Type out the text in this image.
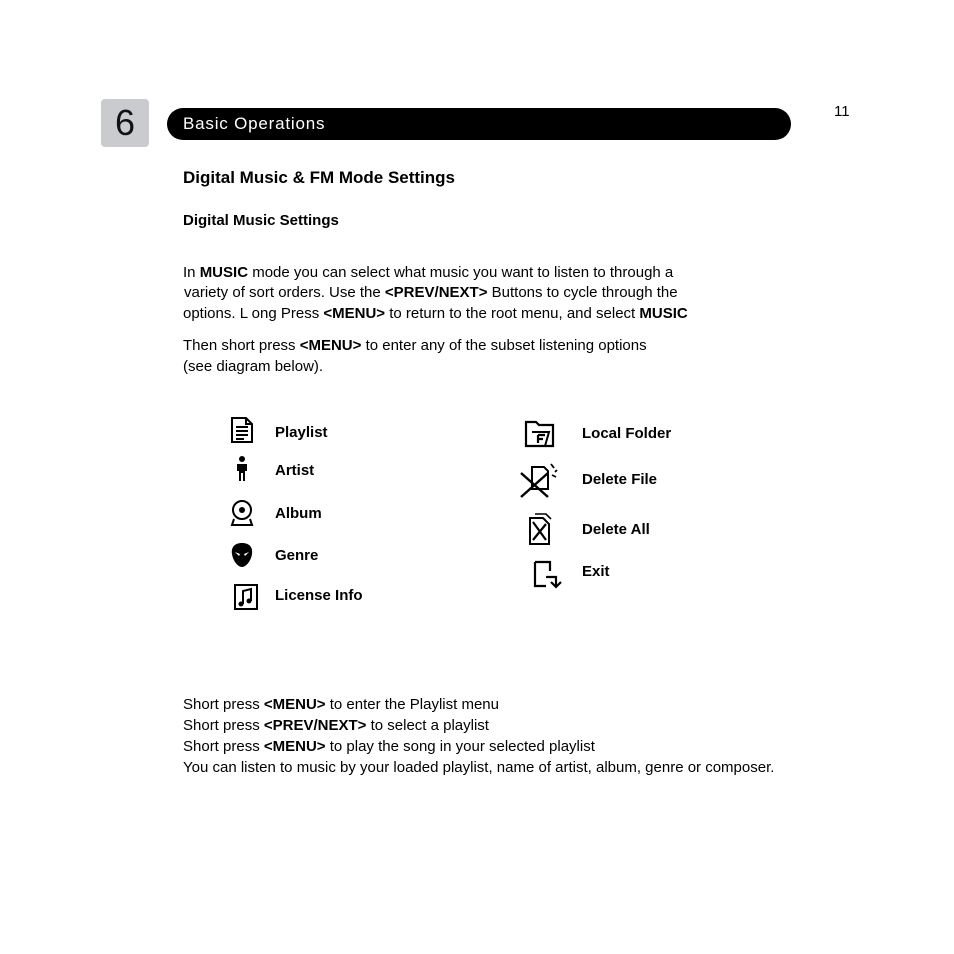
6	Basic Operations
11
Digital Music & FM Mode Settings
Digital Music Settings
In MUSIC mode you can select what music you want to listen to through a
variety of sort orders. Use the <PREV/NEXT> Buttons to cycle through the
options. L ong Press <MENU> to return to the root menu, and select MUSIC
Then short press <MENU> to enter any of the subset listening options
(see diagram below).
Playlist
Artist
Album
Genre
License Info
Local Folder
Delete File
Delete All
Exit
Short press <MENU> to enter the Playlist menu
Short press <PREV/NEXT> to select a playlist
Short press <MENU> to play the song in your selected playlist
You can listen to music by your loaded playlist, name of artist, album, genre or composer.
